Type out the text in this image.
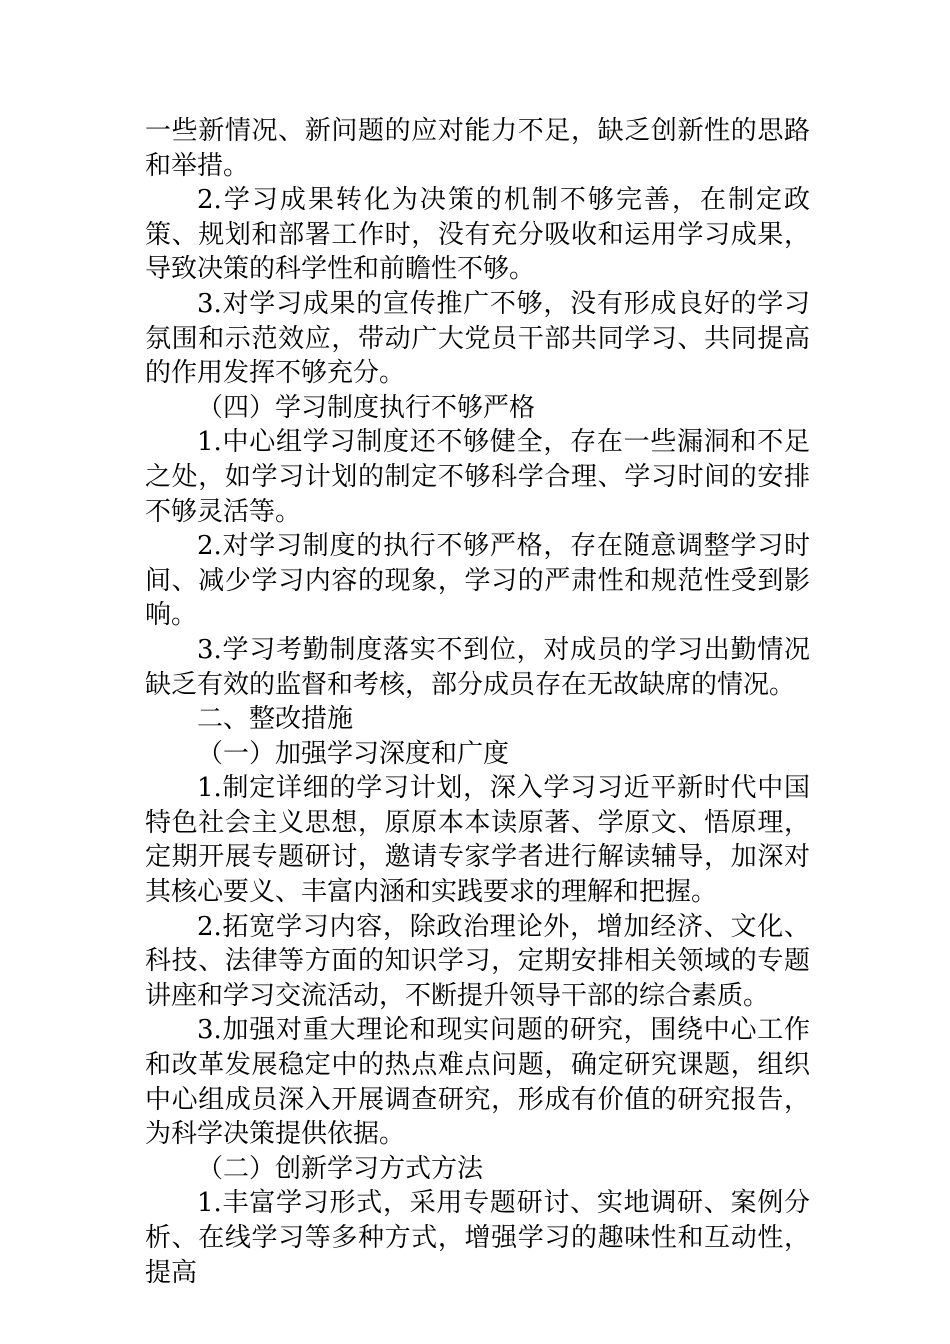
一些新情况、新问题的应对能力不足，缺乏创新性的思路和举措。

2.学习成果转化为决策的机制不够完善，在制定政策、规划和部署工作时，没有充分吸收和运用学习成果，导致决策的科学性和前瞻性不够。

3.对学习成果的宣传推广不够，没有形成良好的学习氛围和示范效应，带动广大党员干部共同学习、共同提高的作用发挥不够充分。

（四）学习制度执行不够严格

1.中心组学习制度还不够健全，存在一些漏洞和不足之处，如学习计划的制定不够科学合理、学习时间的安排不够灵活等。

2.对学习制度的执行不够严格，存在随意调整学习时间、减少学习内容的现象，学习的严肃性和规范性受到影响。

3.学习考勤制度落实不到位，对成员的学习出勤情况缺乏有效的监督和考核，部分成员存在无故缺席的情况。

二、整改措施
（一）加强学习深度和广度

1.制定详细的学习计划，深入学习习近平新时代中国特色社会主义思想，原原本本读原著、学原文、悟原理，定期开展专题研讨，邀请专家学者进行解读辅导，加深对其核心要义、丰富内涵和实践要求的理解和把握。

2.拓宽学习内容，除政治理论外，增加经济、文化、科技、法律等方面的知识学习，定期安排相关领域的专题讲座和学习交流活动，不断提升领导干部的综合素质。

3.加强对重大理论和现实问题的研究，围绕中心工作和改革发展稳定中的热点难点问题，确定研究课题，组织中心组成员深入开展调查研究，形成有价值的研究报告，为科学决策提供依据。

（二）创新学习方式方法

1.丰富学习形式，采用专题研讨、实地调研、案例分析、在线学习等多种方式，增强学习的趣味性和互动性，提高
